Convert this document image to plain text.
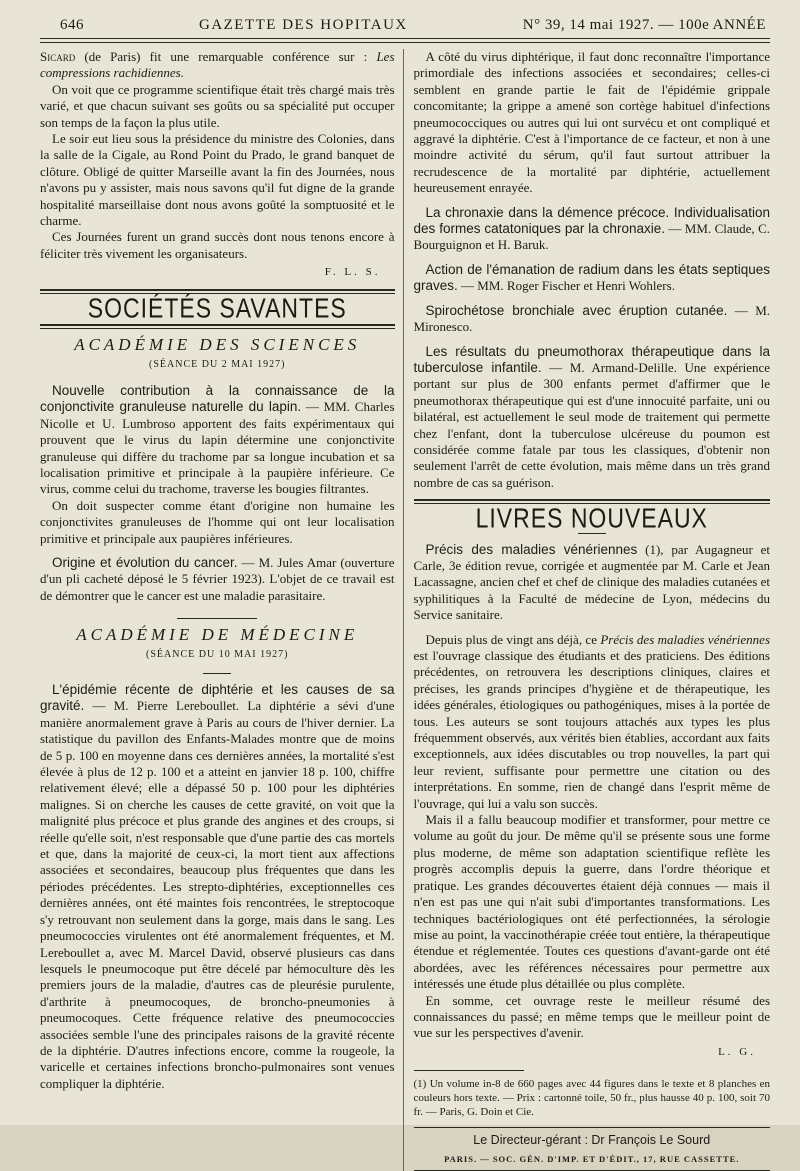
646	GAZETTE DES HOPITAUX	N° 39, 14 mai 1927. — 100e ANNÉE

Sicard (de Paris) fit une remarquable conférence sur : Les compressions rachidiennes.

On voit que ce programme scientifique était très chargé mais très varié, et que chacun suivant ses goûts ou sa spécialité put occuper son temps de la façon la plus utile.

Le soir eut lieu sous la présidence du ministre des Colonies, dans la salle de la Cigale, au Rond Point du Prado, le grand banquet de clôture. Obligé de quitter Marseille avant la fin des Journées, nous n'avons pu y assister, mais nous savons qu'il fut digne de la grande hospitalité marseillaise dont nous avons goûté la somptuosité et le charme.

Ces Journées furent un grand succès dont nous tenons encore à féliciter très vivement les organisateurs.

F. L. S.
SOCIÉTÉS SAVANTES
ACADÉMIE DES SCIENCES
(SÉANCE DU 2 MAI 1927)

Nouvelle contribution à la connaissance de la conjonctivite granuleuse naturelle du lapin. — MM. Charles Nicolle et U. Lumbroso apportent des faits expérimentaux qui prouvent que le virus du lapin détermine une conjonctivite granuleuse qui diffère du trachome par sa longue incubation et sa localisation primitive et principale à la paupière inférieure. Ce virus, comme celui du trachome, traverse les bougies filtrantes.

On doit suspecter comme étant d'origine non humaine les conjonctivites granuleuses de l'homme qui ont leur localisation primitive et principale aux paupières inférieures.

Origine et évolution du cancer. — M. Jules Amar (ouverture d'un pli cacheté déposé le 5 février 1923). L'objet de ce travail est de démontrer que le cancer est une maladie parasitaire.

ACADÉMIE DE MÉDECINE
(SÉANCE DU 10 MAI 1927)

L'épidémie récente de diphtérie et les causes de sa gravité. — M. Pierre Lereboullet. La diphtérie a sévi d'une manière anormalement grave à Paris au cours de l'hiver dernier. La statistique du pavillon des Enfants-Malades montre que de moins de 5 p. 100 en moyenne dans ces dernières années, la mortalité s'est élevée à plus de 12 p. 100 et a atteint en janvier 18 p. 100, chiffre relativement élevé; elle a dépassé 50 p. 100 pour les diphtéries malignes. Si on cherche les causes de cette gravité, on voit que la malignité plus précoce et plus grande des angines et des croups, si réelle qu'elle soit, n'est responsable que d'une partie des cas mortels et que, dans la majorité de ceux-ci, la mort tient aux affections associées et secondaires, beaucoup plus fréquentes que dans les périodes précédentes. Les strepto-diphtéries, exceptionnelles ces dernières années, ont été maintes fois rencontrées, le streptocoque s'y retrouvant non seulement dans la gorge, mais dans le sang. Les pneumococcies virulentes ont été anormalement fréquentes, et M. Lereboullet a, avec M. Marcel David, observé plusieurs cas dans lesquels le pneumocoque put être décelé par hémoculture dès les premiers jours de la maladie, d'autres cas de pleurésie purulente, d'arthrite à pneumocoques, de broncho-pneumonies à pneumocoques. Cette fréquence relative des pneumococcies associées semble l'une des principales raisons de la gravité récente de la diphtérie. D'autres infections encore, comme la rougeole, la varicelle et certaines infections broncho-pulmonaires sont venues compliquer la diphtérie.

A côté du virus diphtérique, il faut donc reconnaître l'importance primordiale des infections associées et secondaires; celles-ci semblent en grande partie le fait de l'épidémie grippale concomitante; la grippe a amené son cortège habituel d'infections pneumococciques ou autres qui lui ont survécu et ont compliqué et aggravé la diphtérie. C'est à l'importance de ce facteur, et non à une moindre activité du sérum, qu'il faut surtout attribuer la recrudescence de la mortalité par diphtérie, actuellement heureusement enrayée.

La chronaxie dans la démence précoce. Individualisation des formes catatoniques par la chronaxie. — MM. Claude, C. Bourguignon et H. Baruk.

Action de l'émanation de radium dans les états septiques graves. — MM. Roger Fischer et Henri Wohlers.

Spirochétose bronchiale avec éruption cutanée. — M. Mironesco.

Les résultats du pneumothorax thérapeutique dans la tuberculose infantile. — M. Armand-Delille. Une expérience portant sur plus de 300 enfants permet d'affirmer que le pneumothorax thérapeutique qui est d'une innocuité parfaite, uni ou bilatéral, est actuellement le seul mode de traitement qui permette chez l'enfant, dont la tuberculose ulcéreuse du poumon est considérée comme fatale par tous les classiques, d'obtenir non seulement l'arrêt de cette évolution, mais même dans un très grand nombre de cas sa guérison.

LIVRES NOUVEAUX

Précis des maladies vénériennes (1), par Augagneur et Carle, 3e édition revue, corrigée et augmentée par M. Carle et Jean Lacassagne, ancien chef et chef de clinique des maladies cutanées et syphilitiques à la Faculté de médecine de Lyon, médecins du Service sanitaire.

Depuis plus de vingt ans déjà, ce Précis des maladies vénériennes est l'ouvrage classique des étudiants et des praticiens. Des éditions précédentes, on retrouvera les descriptions cliniques, claires et précises, les grands principes d'hygiène et de thérapeutique, les idées générales, étiologiques ou pathogéniques, mises à la portée de tous. Les auteurs se sont toujours attachés aux types les plus fréquemment observés, aux vérités bien établies, accordant aux faits exceptionnels, aux idées discutables ou trop nouvelles, la part qui leur revient, suffisante pour permettre une citation ou des interprétations. En somme, rien de changé dans l'esprit même de l'ouvrage, qui lui a valu son succès.

Mais il a fallu beaucoup modifier et transformer, pour mettre ce volume au goût du jour. De même qu'il se présente sous une forme plus moderne, de même son adaptation scientifique reflète les progrès accomplis depuis la guerre, dans l'ordre théorique et pratique. Les grandes découvertes étaient déjà connues — mais il n'en est pas une qui n'ait subi d'importantes transformations. Les techniques bactériologiques ont été perfectionnées, la sérologie mise au point, la vaccinothérapie créée tout entière, la thérapeutique étendue et réglementée. Toutes ces questions d'avant-garde ont été abordées, avec les références nécessaires pour permettre aux intéressés une étude plus détaillée ou plus complète.

En somme, cet ouvrage reste le meilleur résumé des connaissances du passé; en même temps que le meilleur point de vue sur les perspectives d'avenir.

L. G.

(1) Un volume in-8 de 660 pages avec 44 figures dans le texte et 8 planches en couleurs hors texte. — Prix : cartonné toile, 50 fr., plus hausse 40 p. 100, soit 70 fr. — Paris, G. Doin et Cie.

Le Directeur-gérant : Dr François Le Sourd
PARIS. — SOC. GÉN. D'IMP. ET D'ÉDIT., 17, RUE CASSETTE.
